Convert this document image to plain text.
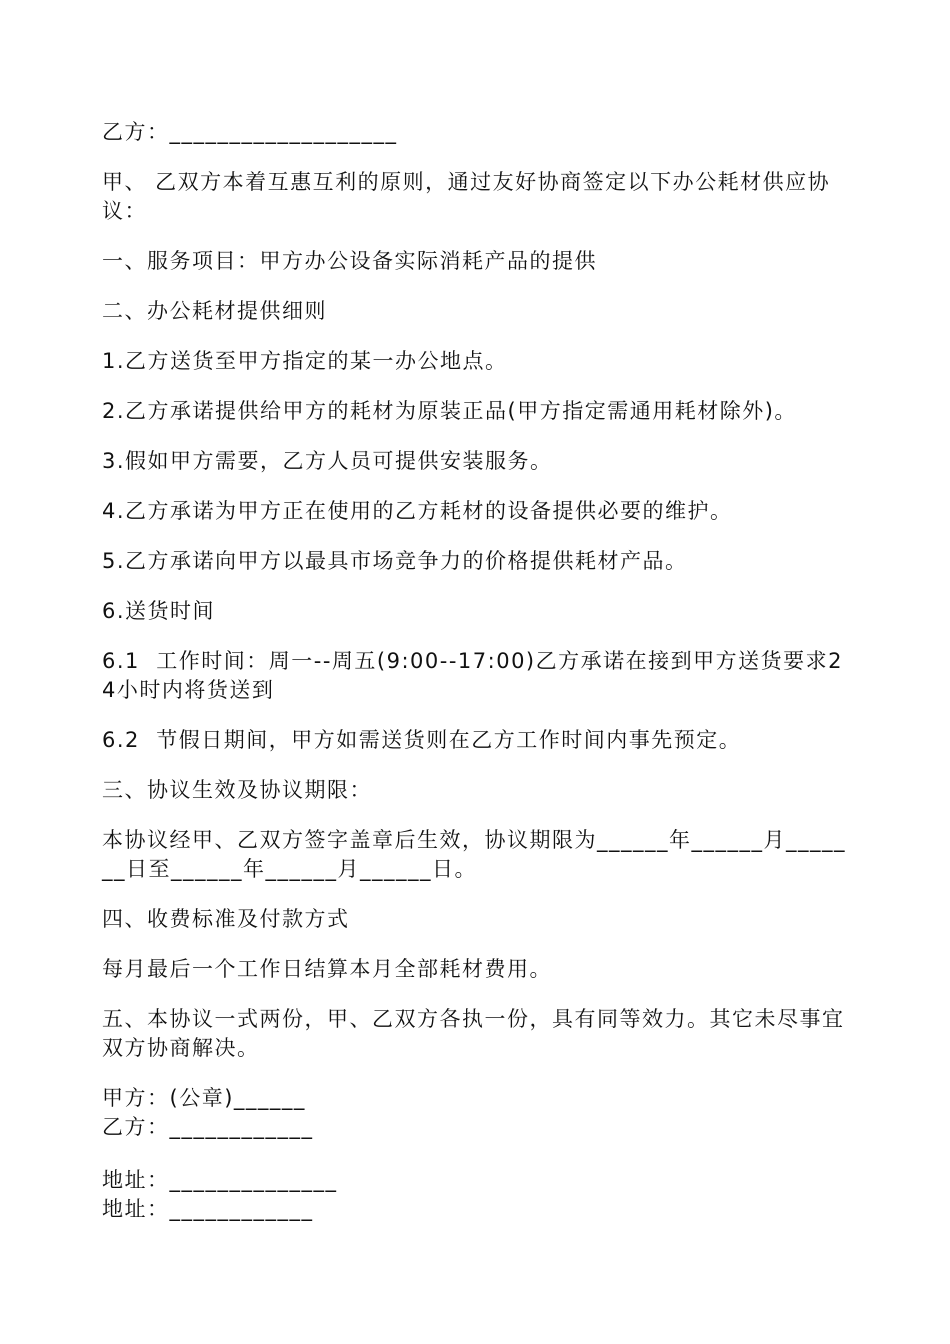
乙方：___________________

甲、 乙双方本着互惠互利的原则，通过友好协商签定以下办公耗材供应协议：

一、服务项目：甲方办公设备实际消耗产品的提供

二、办公耗材提供细则

1.乙方送货至甲方指定的某一办公地点。

2.乙方承诺提供给甲方的耗材为原装正品(甲方指定需通用耗材除外)。

3.假如甲方需要，乙方人员可提供安装服务。

4.乙方承诺为甲方正在使用的乙方耗材的设备提供必要的维护。

5.乙方承诺向甲方以最具市场竞争力的价格提供耗材产品。

6.送货时间

6.1  工作时间：周一--周五(9:00--17:00)乙方承诺在接到甲方送货要求24小时内将货送到

6.2  节假日期间，甲方如需送货则在乙方工作时间内事先预定。

三、协议生效及协议期限：

本协议经甲、乙双方签字盖章后生效，协议期限为______年______月_______日至______年______月______日。

四、收费标准及付款方式

每月最后一个工作日结算本月全部耗材费用。

五、本协议一式两份，甲、乙双方各执一份，具有同等效力。其它未尽事宜双方协商解决。

甲方：(公章)______

乙方：____________

地址：______________

地址：____________
